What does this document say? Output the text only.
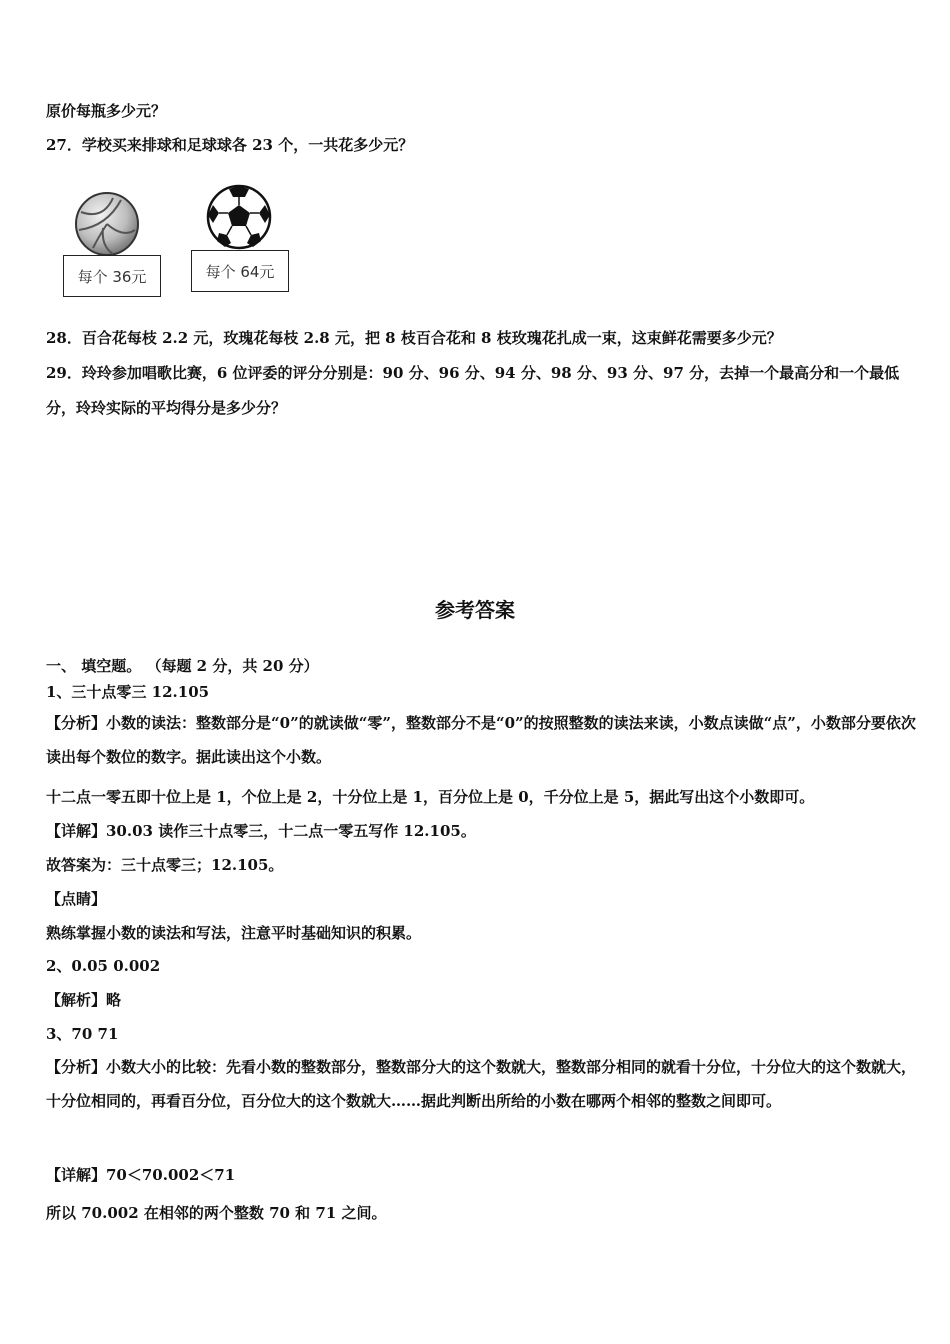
原价每瓶多少元？
27．学校买来排球和足球球各 23 个，一共花多少元？
每个 36元	每个 64元
28．百合花每枝 2.2 元，玫瑰花每枝 2.8 元，把 8 枝百合花和 8 枝玫瑰花扎成一束，这束鲜花需要多少元？
29．玲玲参加唱歌比赛，6 位评委的评分分别是：90 分、96 分、94 分、98 分、93 分、97 分，去掉一个最高分和一个最低
分，玲玲实际的平均得分是多少分？
参考答案
一、 填空题。 （每题 2 分，共 20 分）
1、三十点零三 12.105
【分析】小数的读法：整数部分是“0”的就读做“零”，整数部分不是“0”的按照整数的读法来读，小数点读做“点”，小数部分要依次读出每个数位的数字。据此读出这个小数。
十二点一零五即十位上是 1，个位上是 2，十分位上是 1，百分位上是 0，千分位上是 5，据此写出这个小数即可。
【详解】30.03 读作三十点零三，十二点一零五写作 12.105。
故答案为：三十点零三；12.105。
【点睛】
熟练掌握小数的读法和写法，注意平时基础知识的积累。
2、0.05 0.002
【解析】略
3、70 71
【分析】小数大小的比较：先看小数的整数部分，整数部分大的这个数就大，整数部分相同的就看十分位，十分位大的这个数就大，十分位相同的，再看百分位，百分位大的这个数就大……据此判断出所给的小数在哪两个相邻的整数之间即可。
【详解】70＜70.002＜71
所以 70.002 在相邻的两个整数 70 和 71 之间。
